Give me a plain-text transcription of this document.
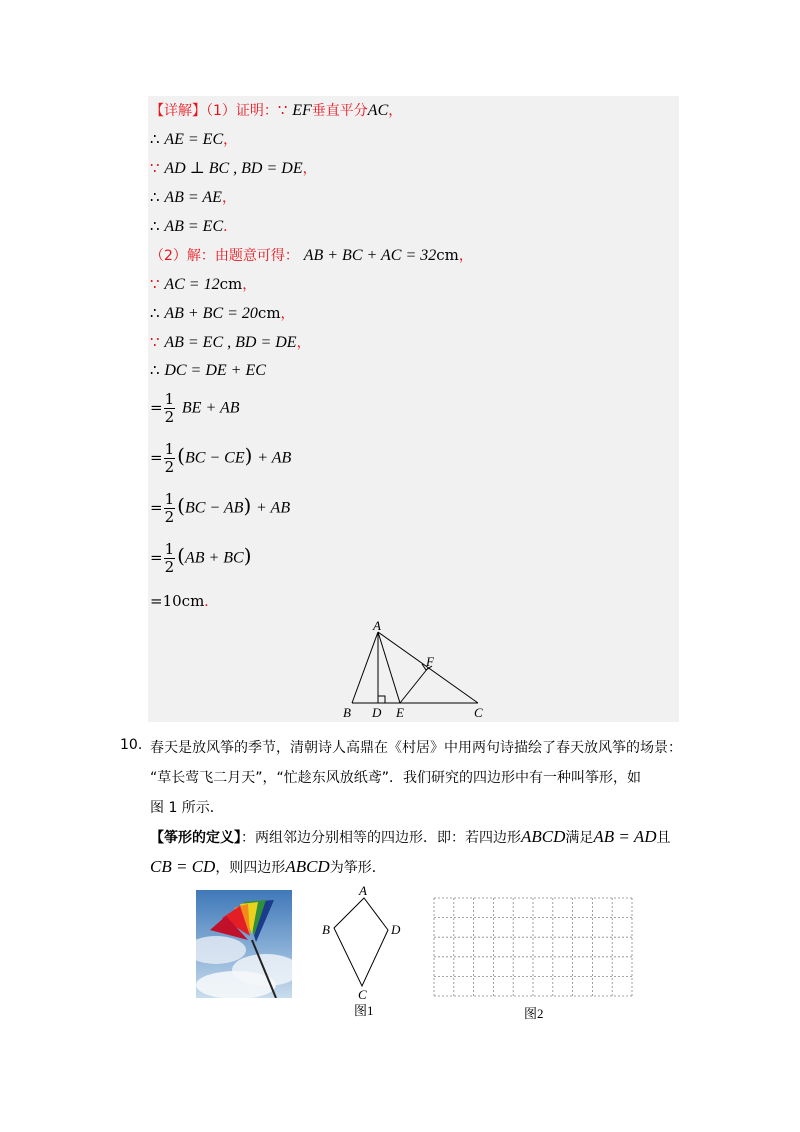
【详解】（1）证明：∵ EF垂直平分AC，
∴ AE = EC，
∵ AD ⊥ BC , BD = DE，
∴ AB = AE，
∴ AB = EC．
（2）解：由题意可得： AB + BC + AC = 32cm，
∵ AC = 12cm，
∴ AB + BC = 20cm，
∵ AB = EC , BD = DE，
∴ DC = DE + EC
= $\frac{1}{2}$ BE + AB
= $\frac{1}{2} (BC - CE)$ + AB
= $\frac{1}{2} (BC - AB)$ + AB
= $\frac{1}{2} (AB + BC)$
=10cm．
A
B D E	C
F
10. 春天是放风筝的季节，清朝诗人高鼎在《村居》中用两句诗描绘了春天放风筝的场景：
“草长莺飞二月天”，“忙趁东风放纸鸢”．我们研究的四边形中有一种叫筝形，如
图 1 所示．
【筝形的定义】：两组邻边分别相等的四边形．即：若四边形ABCD满足AB = AD且
CB = CD，则四边形ABCD为筝形．
A
B	D
C
图1	图2
